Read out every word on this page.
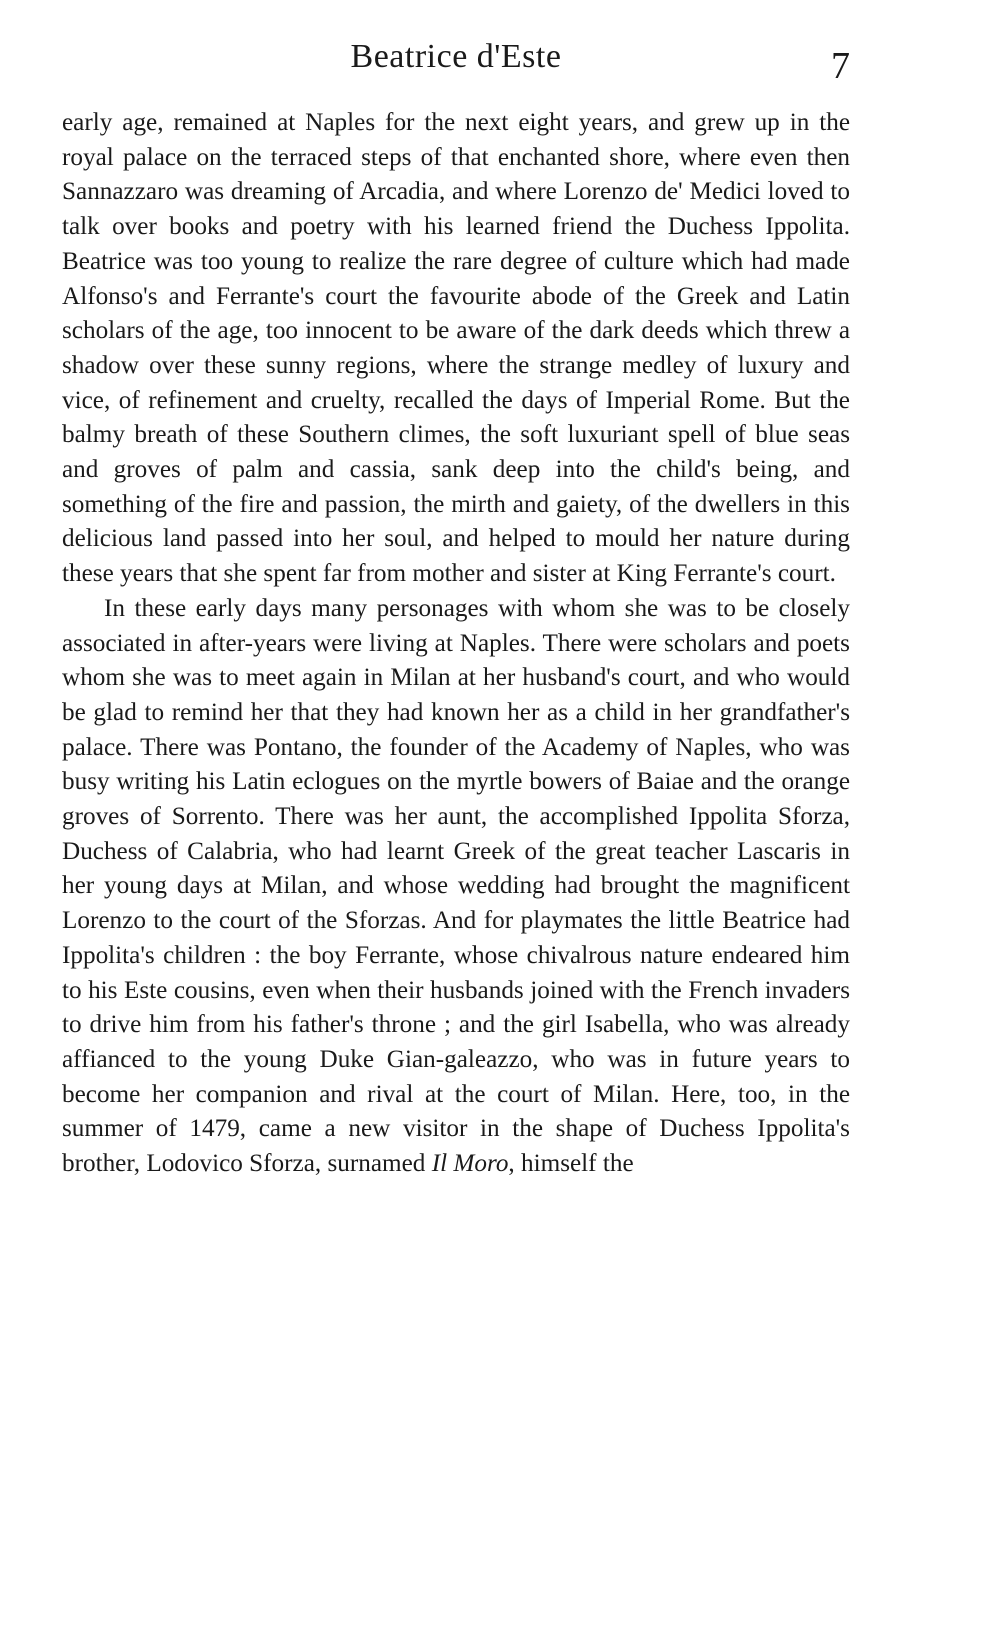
Beatrice d'Este	7

early age, remained at Naples for the next eight years, and grew up in the royal palace on the terraced steps of that enchanted shore, where even then Sannazzaro was dreaming of Arcadia, and where Lorenzo de' Medici loved to talk over books and poetry with his learned friend the Duchess Ippolita. Beatrice was too young to realize the rare degree of culture which had made Alfonso's and Ferrante's court the favourite abode of the Greek and Latin scholars of the age, too innocent to be aware of the dark deeds which threw a shadow over these sunny regions, where the strange medley of luxury and vice, of refinement and cruelty, recalled the days of Imperial Rome. But the balmy breath of these Southern climes, the soft luxuriant spell of blue seas and groves of palm and cassia, sank deep into the child's being, and something of the fire and passion, the mirth and gaiety, of the dwellers in this delicious land passed into her soul, and helped to mould her nature during these years that she spent far from mother and sister at King Ferrante's court.

In these early days many personages with whom she was to be closely associated in after-years were living at Naples. There were scholars and poets whom she was to meet again in Milan at her husband's court, and who would be glad to remind her that they had known her as a child in her grandfather's palace. There was Pontano, the founder of the Academy of Naples, who was busy writing his Latin eclogues on the myrtle bowers of Baiae and the orange groves of Sorrento. There was her aunt, the accomplished Ippolita Sforza, Duchess of Calabria, who had learnt Greek of the great teacher Lascaris in her young days at Milan, and whose wedding had brought the magnificent Lorenzo to the court of the Sforzas. And for playmates the little Beatrice had Ippolita's children : the boy Ferrante, whose chivalrous nature endeared him to his Este cousins, even when their husbands joined with the French invaders to drive him from his father's throne ; and the girl Isabella, who was already affianced to the young Duke Gian-galeazzo, who was in future years to become her companion and rival at the court of Milan. Here, too, in the summer of 1479, came a new visitor in the shape of Duchess Ippolita's brother, Lodovico Sforza, surnamed Il Moro, himself the
